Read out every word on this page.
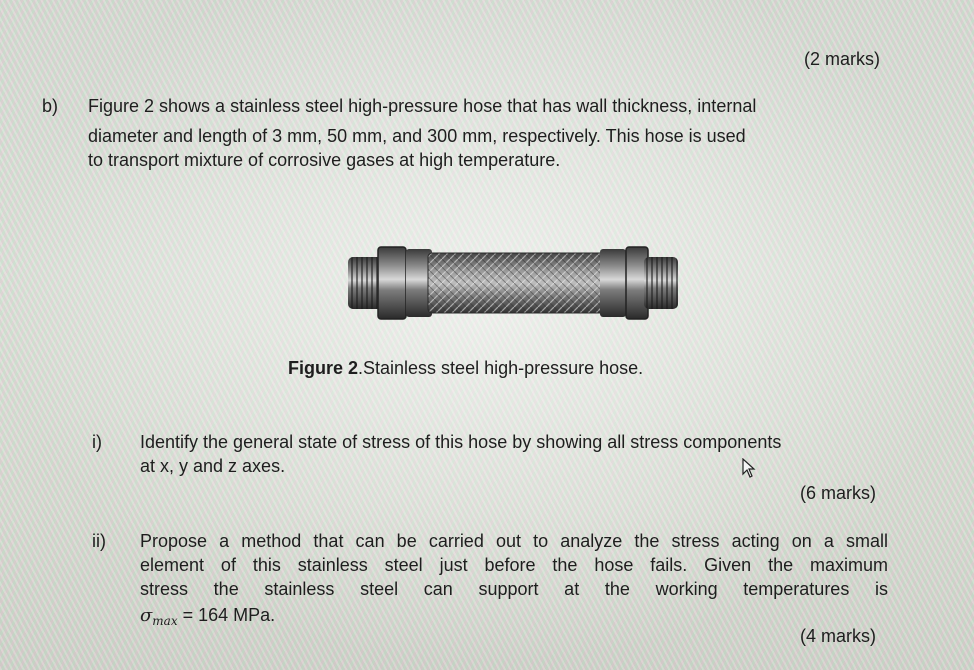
(2 marks)
b) Figure 2 shows a stainless steel high-pressure hose that has wall thickness, internal
diameter and length of 3 mm, 50 mm, and 300 mm, respectively. This hose is used
to transport mixture of corrosive gases at high temperature.
Figure 2.Stainless steel high-pressure hose.
i) Identify the general state of stress of this hose by showing all stress components
at x, y and z axes.
(6 marks)
ii) Propose a method that can be carried out to analyze the stress acting on a small
element of this stainless steel just before the hose fails. Given the maximum
stress the stainless steel can support at the working temperatures is
$\sigma_{max} = 164$ MPa.
(4 marks)
